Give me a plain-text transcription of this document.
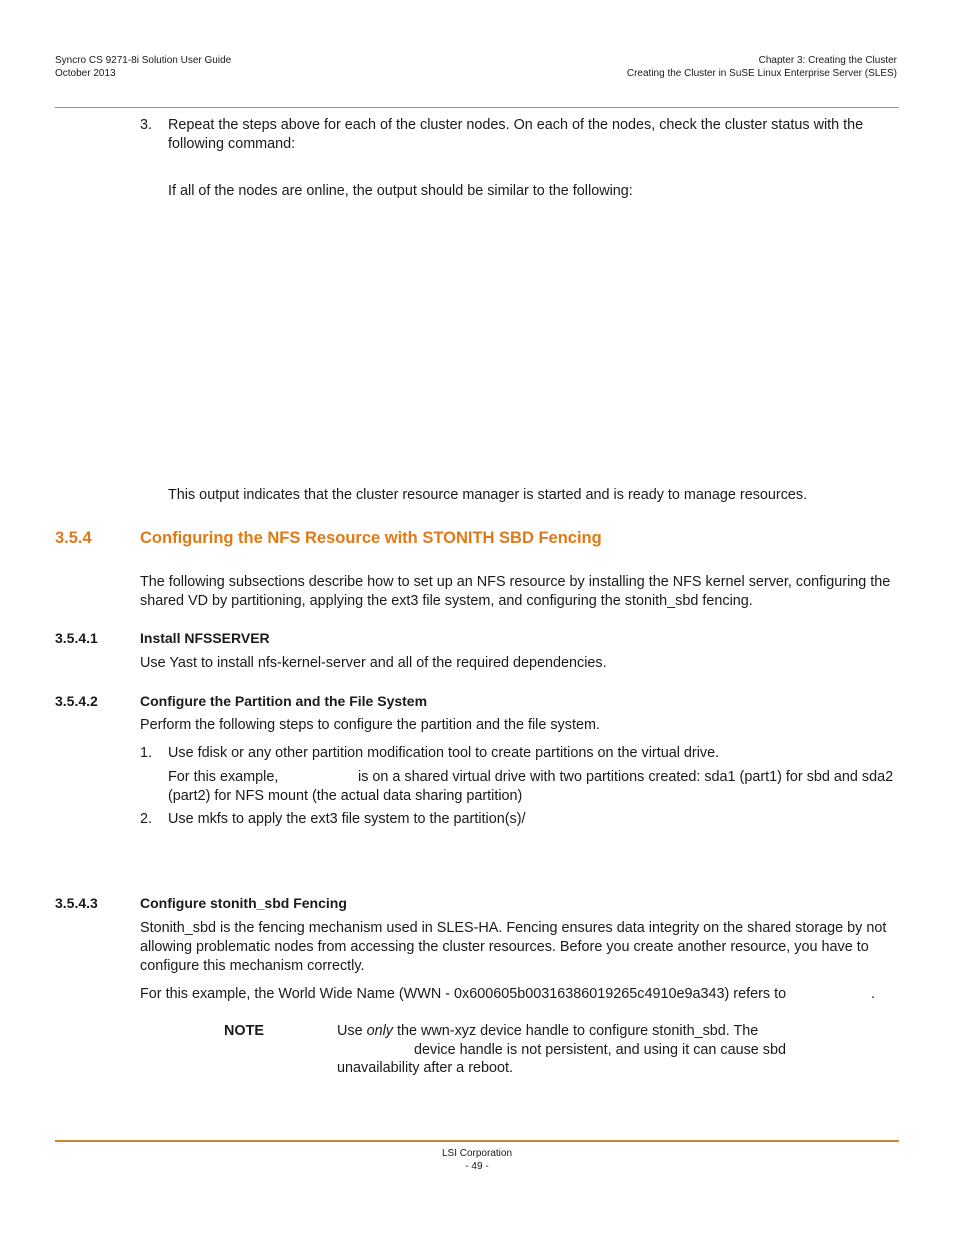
Syncro CS 9271-8i Solution User Guide
October 2013
Chapter 3: Creating the Cluster
Creating the Cluster in SuSE Linux Enterprise Server (SLES)
3. Repeat the steps above for each of the cluster nodes. On each of the nodes, check the cluster status with the
following command:
If all of the nodes are online, the output should be similar to the following:
This output indicates that the cluster resource manager is started and is ready to manage resources.
3.5.4	Configuring the NFS Resource with STONITH SBD Fencing
The following subsections describe how to set up an NFS resource by installing the NFS kernel server, configuring the
shared VD by partitioning, applying the ext3 file system, and configuring the stonith_sbd fencing.
3.5.4.1	Install NFSSERVER
Use Yast to install nfs-kernel-server and all of the required dependencies.
3.5.4.2	Configure the Partition and the File System
Perform the following steps to configure the partition and the file system.
1. Use fdisk or any other partition modification tool to create partitions on the virtual drive.
For this example,	is on a shared virtual drive with two partitions created: sda1 (part1) for sbd and sda2
(part2) for NFS mount (the actual data sharing partition)
2. Use mkfs to apply the ext3 file system to the partition(s)/
3.5.4.3	Configure stonith_sbd Fencing
Stonith_sbd is the fencing mechanism used in SLES-HA. Fencing ensures data integrity on the shared storage by not
allowing problematic nodes from accessing the cluster resources. Before you create another resource, you have to
configure this mechanism correctly.
For this example, the World Wide Name (WWN - 0x600605b00316386019265c4910e9a343) refers to	.
NOTE	Use only the wwn-xyz device handle to configure stonith_sbd. The
device handle is not persistent, and using it can cause sbd
unavailability after a reboot.
LSI Corporation
- 49 -
